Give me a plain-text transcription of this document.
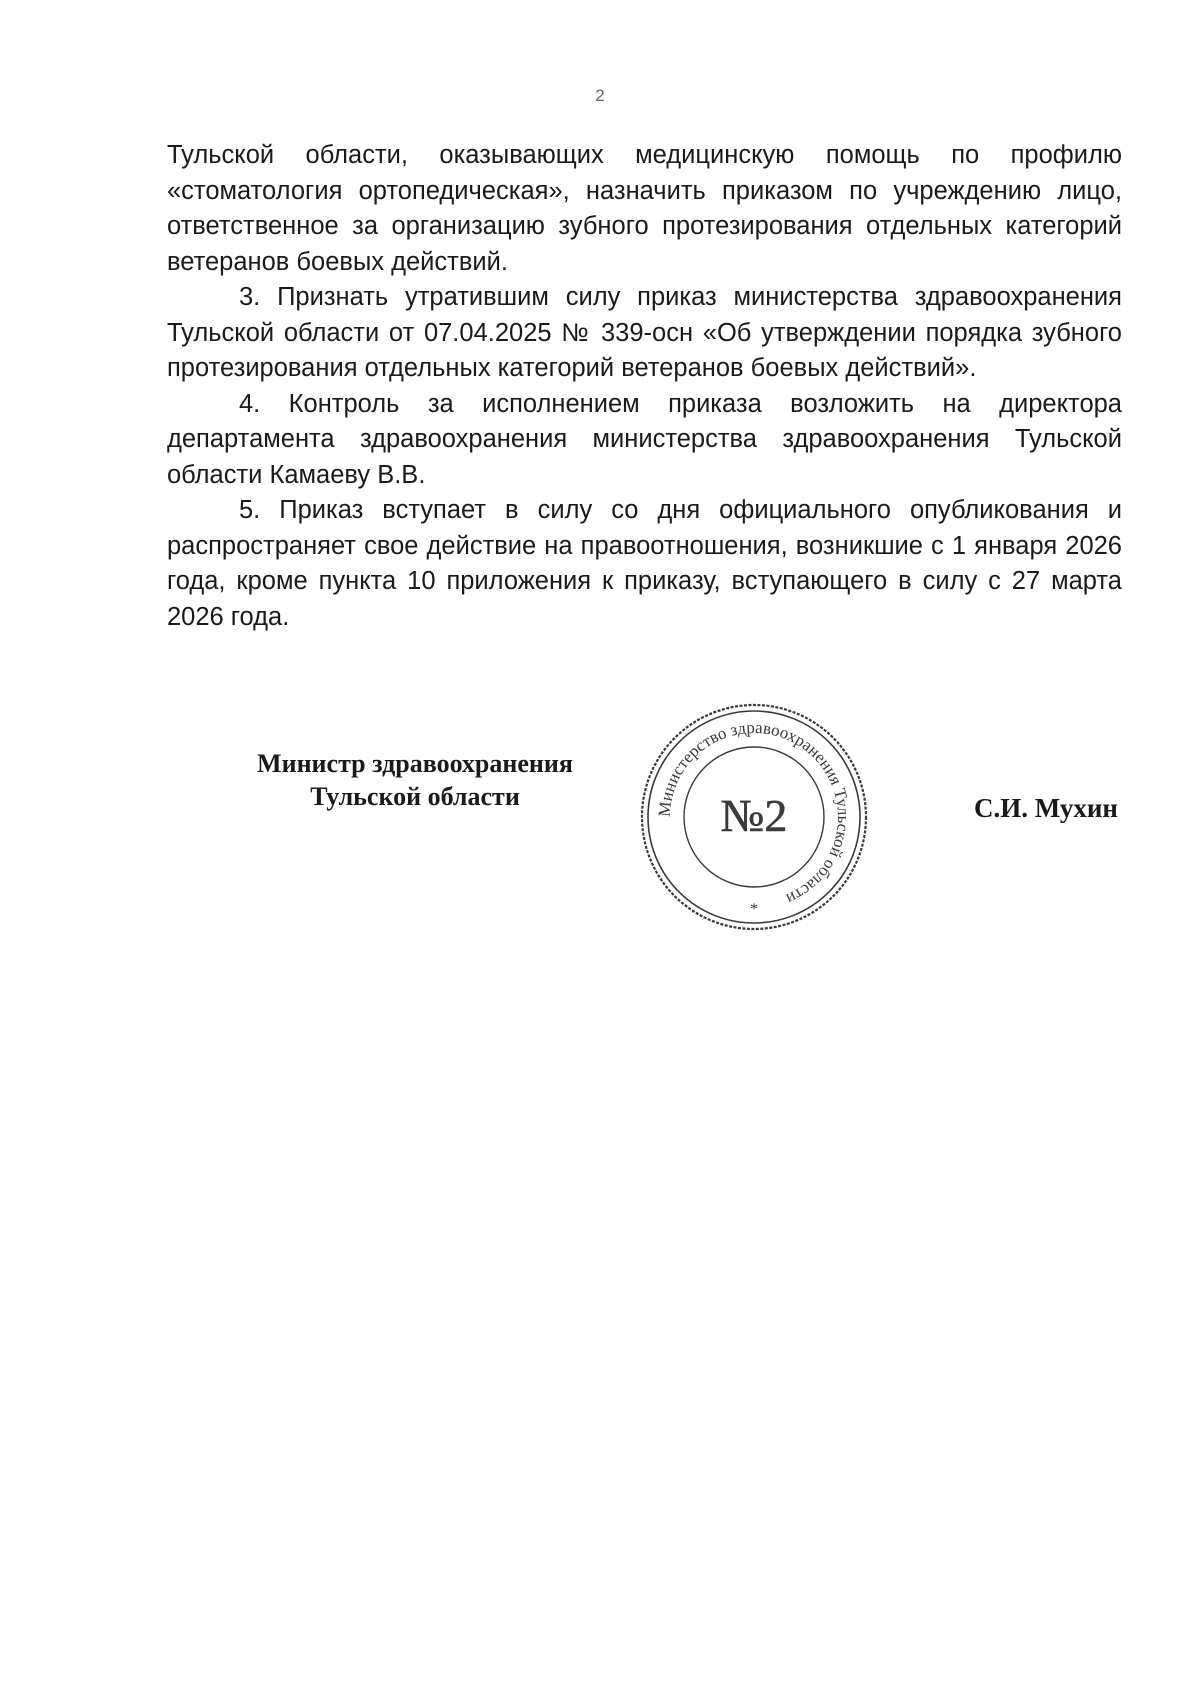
2

Тульской области, оказывающих медицинскую помощь по профилю «стоматология ортопедическая», назначить приказом по учреждению лицо, ответственное за организацию зубного протезирования отдельных категорий ветеранов боевых действий.

3. Признать утратившим силу приказ министерства здравоохранения Тульской области от 07.04.2025 № 339-осн «Об утверждении порядка зубного протезирования отдельных категорий ветеранов боевых действий».

4. Контроль за исполнением приказа возложить на директора департамента здравоохранения министерства здравоохранения Тульской области Камаеву В.В.

5. Приказ вступает в силу со дня официального опубликования и распространяет свое действие на правоотношения, возникшие с 1 января 2026 года, кроме пункта 10 приложения к приказу, вступающего в силу с 27 марта 2026 года.

Министр здравоохранения
Тульской области	Министерство здравоохранения Тульской области
№2
*
С.И. Мухин
